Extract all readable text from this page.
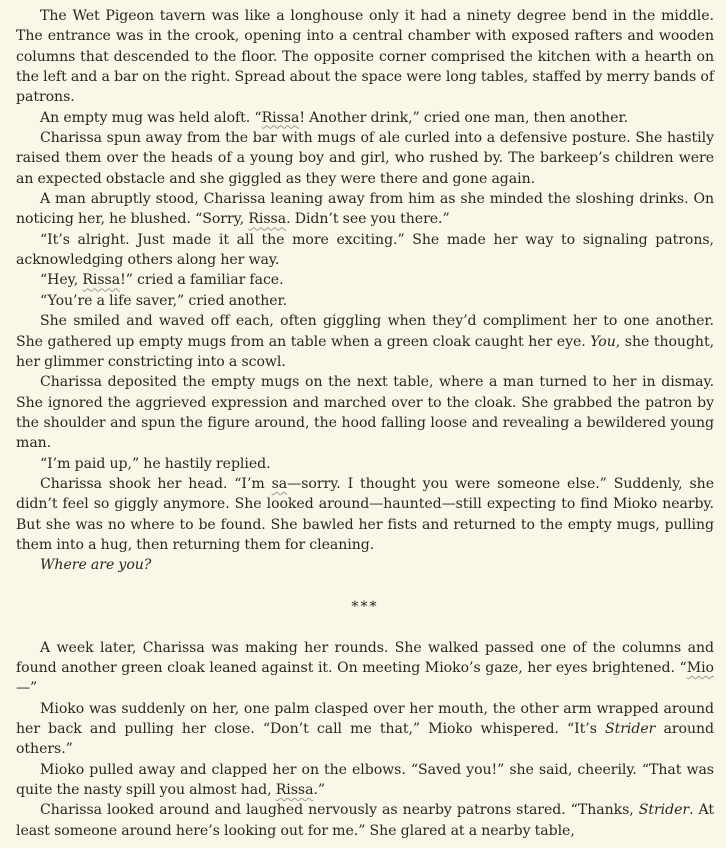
The Wet Pigeon tavern was like a longhouse only it had a ninety degree bend in the middle. The entrance was in the crook, opening into a central chamber with exposed rafters and wooden columns that descended to the floor. The opposite corner comprised the kitchen with a hearth on the left and a bar on the right. Spread about the space were long tables, staffed by merry bands of patrons.

An empty mug was held aloft. “Rissa! Another drink,” cried one man, then another.

Charissa spun away from the bar with mugs of ale curled into a defensive posture. She hastily raised them over the heads of a young boy and girl, who rushed by. The barkeep’s children were an expected obstacle and she giggled as they were there and gone again.

A man abruptly stood, Charissa leaning away from him as she minded the sloshing drinks. On noticing her, he blushed. “Sorry, Rissa. Didn’t see you there.”

“It’s alright. Just made it all the more exciting.” She made her way to signaling patrons, acknowledging others along her way.

“Hey, Rissa!” cried a familiar face.

“You’re a life saver,” cried another.

She smiled and waved off each, often giggling when they’d compliment her to one another. She gathered up empty mugs from an table when a green cloak caught her eye. You, she thought, her glimmer constricting into a scowl.

Charissa deposited the empty mugs on the next table, where a man turned to her in dismay. She ignored the aggrieved expression and marched over to the cloak. She grabbed the patron by the shoulder and spun the figure around, the hood falling loose and revealing a bewildered young man.

“I’m paid up,” he hastily replied.

Charissa shook her head. “I’m sa—sorry. I thought you were someone else.” Suddenly, she didn’t feel so giggly anymore. She looked around—haunted—still expecting to find Mioko nearby. But she was no where to be found. She bawled her fists and returned to the empty mugs, pulling them into a hug, then returning them for cleaning.

Where are you?

***

A week later, Charissa was making her rounds. She walked passed one of the columns and found another green cloak leaned against it. On meeting Mioko’s gaze, her eyes brightened. “Mio—”

Mioko was suddenly on her, one palm clasped over her mouth, the other arm wrapped around her back and pulling her close. “Don’t call me that,” Mioko whispered. “It’s Strider around others.”

Mioko pulled away and clapped her on the elbows. “Saved you!” she said, cheerily. “That was quite the nasty spill you almost had, Rissa.”

Charissa looked around and laughed nervously as nearby patrons stared. “Thanks, Strider. At least someone around here’s looking out for me.” She glared at a nearby table,
